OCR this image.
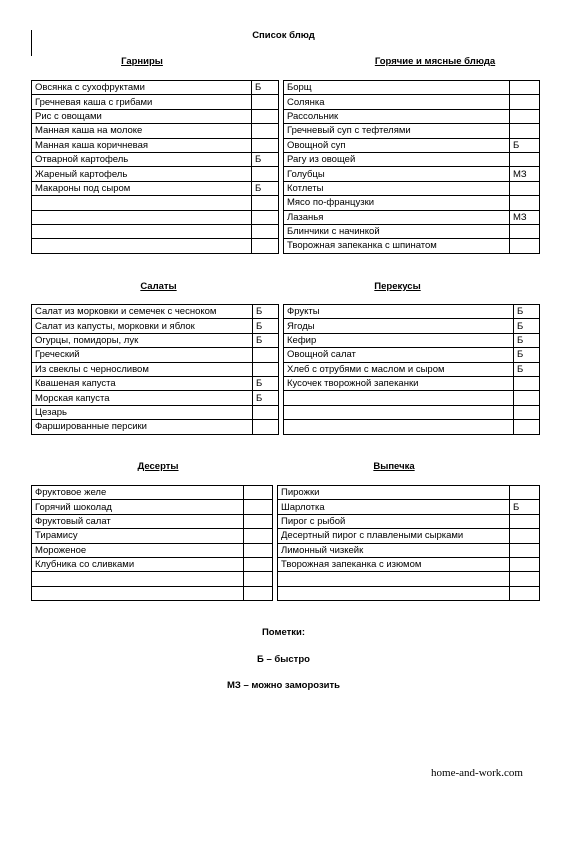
Список блюд
Гарниры	Горячие и мясные блюда
Овсянка с сухофруктами	Б		Борщ	
Гречневая каша с грибами			Солянка	
Рис с овощами			Рассольник	
Манная каша на молоке			Гречневый суп с тефтелями	
Манная каша коричневая			Овощной суп	Б
Отварной картофель	Б		Рагу из овощей	
Жареный картофель			Голубцы	МЗ
Макароны под сыром	Б		Котлеты	
			Мясо по-французки	
			Лазанья	МЗ
			Блинчики с начинкой	
			Творожная запеканка с шпинатом	
Салаты	Перекусы
Салат из морковки и семечек с чесноком	Б		Фрукты	Б
Салат из капусты, морковки и яблок	Б		Ягоды	Б
Огурцы, помидоры, лук	Б		Кефир	Б
Греческий			Овощной салат	Б
Из свеклы с черносливом			Хлеб с отрубями с маслом и сыром	Б
Квашеная капуста	Б		Кусочек творожной запеканки	
Морская капуста	Б			
Цезарь				
Фаршированные персики				
Десерты	Выпечка
Фруктовое желе			Пирожки	
Горячий шоколад			Шарлотка	Б
Фруктовый салат			Пирог с рыбой	
Тирамису			Десертный пирог с плавлеными сырками	
Мороженое			Лимонный чизкейк	
Клубника со сливками			Творожная запеканка с изюмом	

Пометки:
Б – быстро
МЗ – можно заморозить
home-and-work.com
